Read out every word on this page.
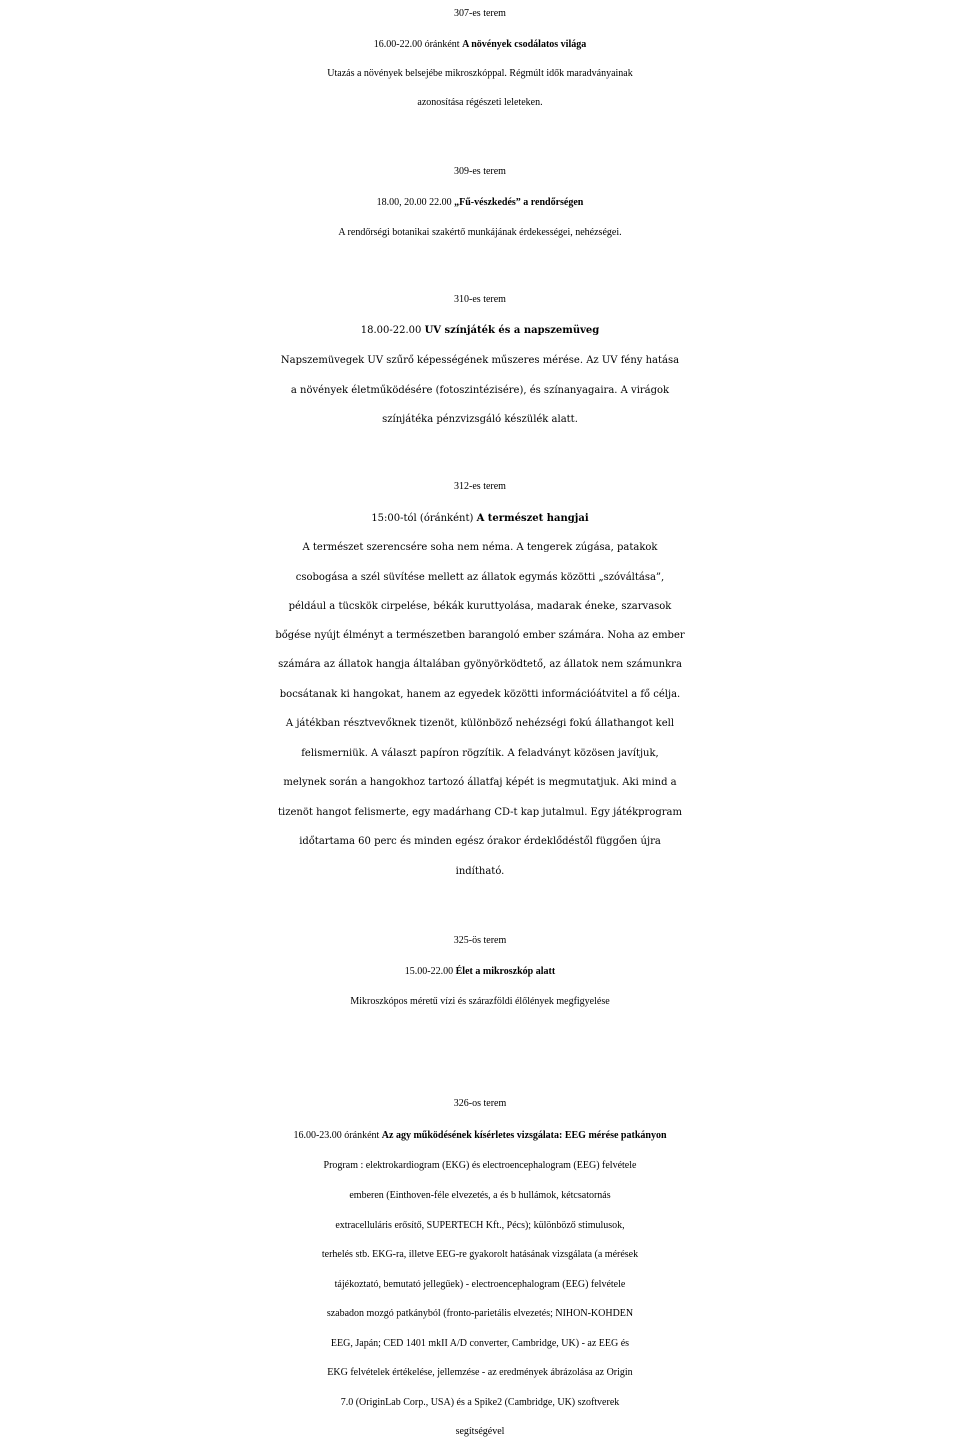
307-es terem
16.00-22.00 óránként A növények csodálatos világa
Utazás a növények belsejébe mikroszkóppal. Régmúlt idők maradványainak
azonosítása régészeti leleteken.
309-es terem
18.00, 20.00 22.00 „Fű-vészkedés” a rendőrségen
A rendőrségi botanikai szakértő munkájának érdekességei, nehézségei.
310-es terem
18.00-22.00 UV színjáték és a napszemüveg
Napszemüvegek UV szűrő képességének műszeres mérése. Az UV fény hatása
a növények életműködésére (fotoszintézisére), és színanyagaira. A virágok
színjátéka pénzvizsgáló készülék alatt.
312-es terem
15:00-tól (óránként) A természet hangjai
A természet szerencsére soha nem néma. A tengerek zúgása, patakok
csobogása a szél süvítése mellett az állatok egymás közötti „szóváltása”,
például a tücskök cirpelése, békák kuruttyolása, madarak éneke, szarvasok
bőgése nyújt élményt a természetben barangoló ember számára. Noha az ember
számára az állatok hangja általában gyönyörködtető, az állatok nem számunkra
bocsátanak ki hangokat, hanem az egyedek közötti információátvitel a fő célja.
A játékban résztvevőknek tizenöt, különböző nehézségi fokú állathangot kell
felismerniük. A választ papíron rögzítik. A feladványt közösen javítjuk,
melynek során a hangokhoz tartozó állatfaj képét is megmutatjuk. Aki mind a
tizenöt hangot felismerte, egy madárhang CD-t kap jutalmul. Egy játékprogram
időtartama 60 perc és minden egész órakor érdeklődéstől függően újra
indítható.
325-ös terem
15.00-22.00 Élet a mikroszkóp alatt
Mikroszkópos méretű vízi és szárazföldi élőlények megfigyelése
326-os terem
16.00-23.00 óránként Az agy működésének kísérletes vizsgálata: EEG mérése patkányon
Program : elektrokardiogram (EKG) és electroencephalogram (EEG) felvétele
emberen (Einthoven-féle elvezetés, a és b hullámok, kétcsatornás
extracelluláris erősítő, SUPERTECH Kft., Pécs); különböző stimulusok,
terhelés stb. EKG-ra, illetve EEG-re gyakorolt hatásának vizsgálata (a mérések
tájékoztató, bemutató jellegűek) - electroencephalogram (EEG) felvétele
szabadon mozgó patkányból (fronto-parietális elvezetés; NIHON-KOHDEN
EEG, Japán; CED 1401 mkII A/D converter, Cambridge, UK) - az EEG és
EKG felvételek értékelése, jellemzése - az eredmények ábrázolása az Origin
7.0 (OriginLab Corp., USA) és a Spike2 (Cambridge, UK) szoftverek
segítségével
